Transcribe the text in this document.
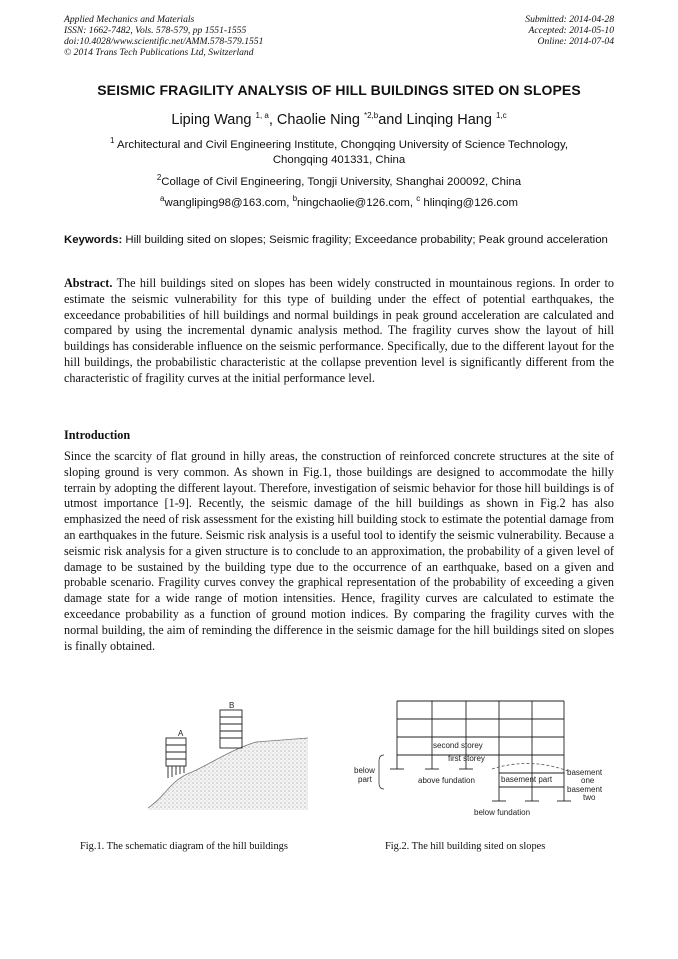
Applied Mechanics and Materials
ISSN: 1662-7482, Vols. 578-579, pp 1551-1555
doi:10.4028/www.scientific.net/AMM.578-579.1551
© 2014 Trans Tech Publications Ltd, Switzerland
Submitted: 2014-04-28
Accepted: 2014-05-10
Online: 2014-07-04
SEISMIC FRAGILITY ANALYSIS OF HILL BUILDINGS SITED ON SLOPES
Liping Wang $^{1, a}$, Chaolie Ning $^{*2,b}$and Linqing Hang $^{1,c}$
$^1$ Architectural and Civil Engineering Institute, Chongqing University of Science Technology,
Chongqing 401331, China
$^2$Collage of Civil Engineering, Tongji University, Shanghai 200092, China
$^a$wangliping98@163.com, $^b$ningchaolie@126.com, $^c$ hlinqing@126.com
Keywords: Hill building sited on slopes; Seismic fragility; Exceedance probability; Peak ground acceleration
Abstract. The hill buildings sited on slopes has been widely constructed in mountainous regions. In order to estimate the seismic vulnerability for this type of building under the effect of potential earthquakes, the exceedance probabilities of hill buildings and normal buildings in peak ground acceleration are calculated and compared by using the incremental dynamic analysis method. The fragility curves show the layout of hill buildings has considerable influence on the seismic performance. Specifically, due to the different layout for the hill buildings, the probabilistic characteristic at the collapse prevention level is significantly different from the characteristic of fragility curves at the initial performance level.
Introduction
Since the scarcity of flat ground in hilly areas, the construction of reinforced concrete structures at the site of sloping ground is very common. As shown in Fig.1, those buildings are designed to accommodate the hilly terrain by adopting the different layout. Therefore, investigation of seismic behavior for those hill buildings is of utmost importance [1-9]. Recently, the seismic damage of the hill buildings as shown in Fig.2 has also emphasized the need of risk assessment for the existing hill building stock to estimate the potential damage from an earthquakes in the future. Seismic risk analysis is a useful tool to identify the seismic vulnerability. Because a seismic risk analysis for a given structure is to conclude to an approximation, the probability of a given level of damage to be sustained by the building type due to the occurrence of an earthquake, based on a given and probable scenario. Fragility curves convey the graphical representation of the probability of exceeding a given damage state for a wide range of motion intensities. Hence, fragility curves are calculated to estimate the exceedance probability as a function of ground motion indices. By comparing the fragility curves with the normal building, the aim of reminding the difference in the seismic damage for the hill buildings sited on slopes is finally obtained.
A
B
Fig.1. The schematic diagram of the hill buildings
second storey
first storey
below
part	above fundation	basement part
basement
one
basement
two
below fundation
Fig.2. The hill building sited on slopes
